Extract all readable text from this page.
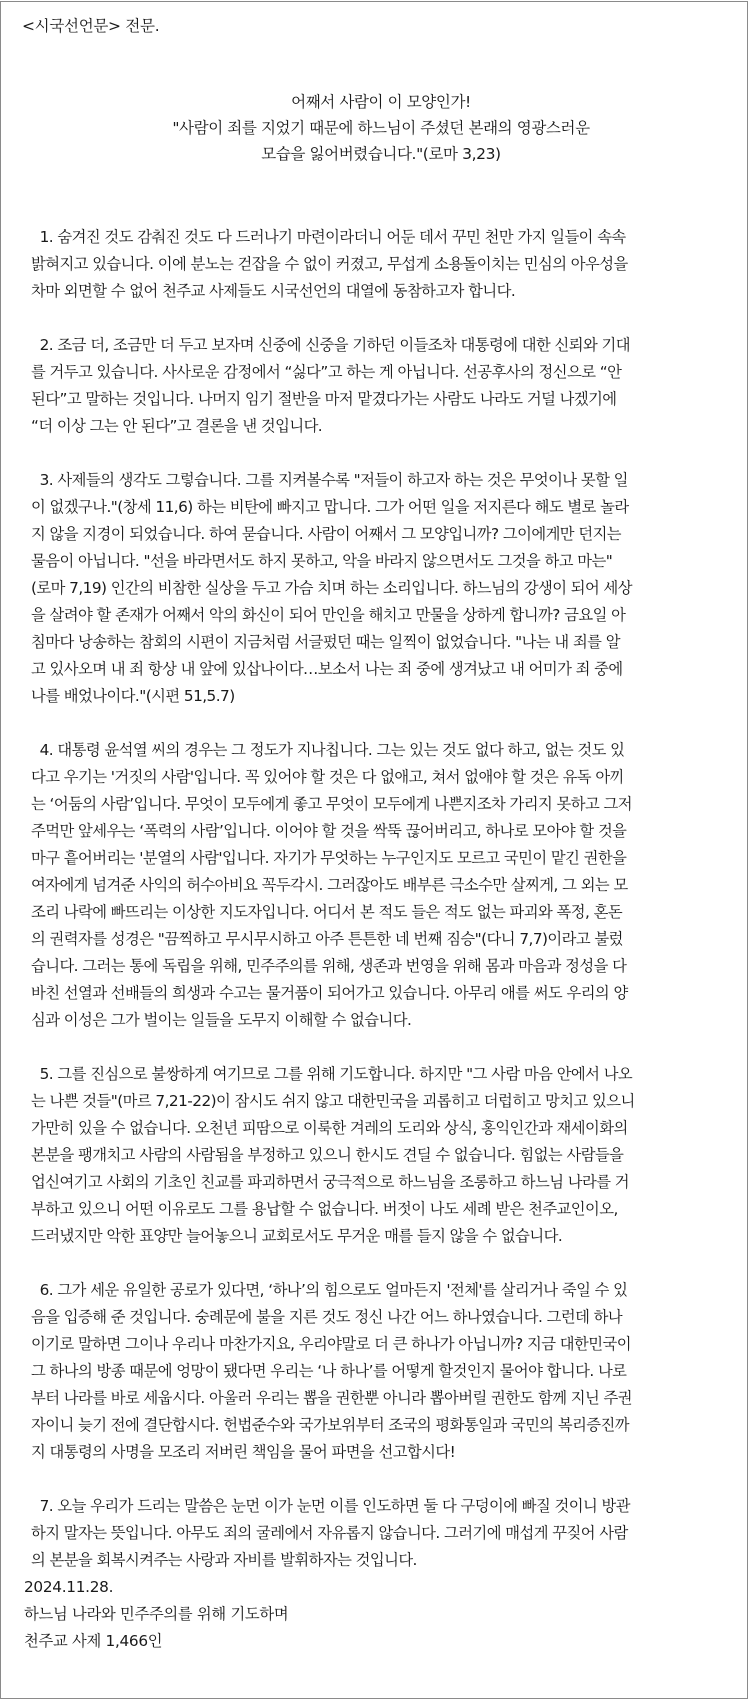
<시국선언문> 전문.
어째서 사람이 이 모양인가!
"사람이 죄를 지었기 때문에 하느님이 주셨던 본래의 영광스러운
모습을 잃어버렸습니다."(로마 3,23)
1. 숨겨진 것도 감춰진 것도 다 드러나기 마련이라더니 어둔 데서 꾸민 천만 가지 일들이 속속
밝혀지고 있습니다. 이에 분노는 걷잡을 수 없이 커졌고, 무섭게 소용돌이치는 민심의 아우성을
차마 외면할 수 없어 천주교 사제들도 시국선언의 대열에 동참하고자 합니다.
2. 조금 더, 조금만 더 두고 보자며 신중에 신중을 기하던 이들조차 대통령에 대한 신뢰와 기대
를 거두고 있습니다. 사사로운 감정에서 “싫다”고 하는 게 아닙니다. 선공후사의 정신으로 “안
된다”고 말하는 것입니다. 나머지 임기 절반을 마저 맡겼다가는 사람도 나라도 거덜 나겠기에
“더 이상 그는 안 된다”고 결론을 낸 것입니다.
3. 사제들의 생각도 그렇습니다. 그를 지켜볼수록 "저들이 하고자 하는 것은 무엇이나 못할 일
이 없겠구나."(창세 11,6) 하는 비탄에 빠지고 맙니다. 그가 어떤 일을 저지른다 해도 별로 놀라
지 않을 지경이 되었습니다. 하여 묻습니다. 사람이 어째서 그 모양입니까? 그이에게만 던지는
물음이 아닙니다. "선을 바라면서도 하지 못하고, 악을 바라지 않으면서도 그것을 하고 마는"
(로마 7,19) 인간의 비참한 실상을 두고 가슴 치며 하는 소리입니다. 하느님의 강생이 되어 세상
을 살려야 할 존재가 어째서 악의 화신이 되어 만인을 해치고 만물을 상하게 합니까? 금요일 아
침마다 낭송하는 참회의 시편이 지금처럼 서글펐던 때는 일찍이 없었습니다. "나는 내 죄를 알
고 있사오며 내 죄 항상 내 앞에 있삽나이다…보소서 나는 죄 중에 생겨났고 내 어미가 죄 중에
나를 배었나이다."(시편 51,5.7)
4. 대통령 윤석열 씨의 경우는 그 정도가 지나칩니다. 그는 있는 것도 없다 하고, 없는 것도 있
다고 우기는 '거짓의 사람'입니다. 꼭 있어야 할 것은 다 없애고, 쳐서 없애야 할 것은 유독 아끼
는 ‘어둠의 사람’입니다. 무엇이 모두에게 좋고 무엇이 모두에게 나쁜지조차 가리지 못하고 그저
주먹만 앞세우는 ‘폭력의 사람’입니다. 이어야 할 것을 싹뚝 끊어버리고, 하나로 모아야 할 것을
마구 흩어버리는 '분열의 사람'입니다. 자기가 무엇하는 누구인지도 모르고 국민이 맡긴 권한을
여자에게 넘겨준 사익의 허수아비요 꼭두각시. 그러잖아도 배부른 극소수만 살찌게, 그 외는 모
조리 나락에 빠뜨리는 이상한 지도자입니다. 어디서 본 적도 들은 적도 없는 파괴와 폭정, 혼돈
의 권력자를 성경은 "끔찍하고 무시무시하고 아주 튼튼한 네 번째 짐승"(다니 7,7)이라고 불렀
습니다. 그러는 통에 독립을 위해, 민주주의를 위해, 생존과 번영을 위해 몸과 마음과 정성을 다
바친 선열과 선배들의 희생과 수고는 물거품이 되어가고 있습니다. 아무리 애를 써도 우리의 양
심과 이성은 그가 벌이는 일들을 도무지 이해할 수 없습니다.
5. 그를 진심으로 불쌍하게 여기므로 그를 위해 기도합니다. 하지만 "그 사람 마음 안에서 나오
는 나쁜 것들"(마르 7,21-22)이 잠시도 쉬지 않고 대한민국을 괴롭히고 더럽히고 망치고 있으니
가만히 있을 수 없습니다. 오천년 피땀으로 이룩한 겨레의 도리와 상식, 홍익인간과 재세이화의
본분을 팽개치고 사람의 사람됨을 부정하고 있으니 한시도 견딜 수 없습니다. 힘없는 사람들을
업신여기고 사회의 기초인 친교를 파괴하면서 궁극적으로 하느님을 조롱하고 하느님 나라를 거
부하고 있으니 어떤 이유로도 그를 용납할 수 없습니다. 버젓이 나도 세례 받은 천주교인이오,
드러냈지만 악한 표양만 늘어놓으니 교회로서도 무거운 매를 들지 않을 수 없습니다.
6. 그가 세운 유일한 공로가 있다면, ‘하나’의 힘으로도 얼마든지 '전체'를 살리거나 죽일 수 있
음을 입증해 준 것입니다. 숭례문에 불을 지른 것도 정신 나간 어느 하나였습니다. 그런데 하나
이기로 말하면 그이나 우리나 마찬가지요, 우리야말로 더 큰 하나가 아닙니까? 지금 대한민국이
그 하나의 방종 때문에 엉망이 됐다면 우리는 ‘나 하나’를 어떻게 할것인지 물어야 합니다. 나로
부터 나라를 바로 세웁시다. 아울러 우리는 뽑을 권한뿐 아니라 뽑아버릴 권한도 함께 지닌 주권
자이니 늦기 전에 결단합시다. 헌법준수와 국가보위부터 조국의 평화통일과 국민의 복리증진까
지 대통령의 사명을 모조리 저버린 책임을 물어 파면을 선고합시다!
7. 오늘 우리가 드리는 말씀은 눈먼 이가 눈먼 이를 인도하면 둘 다 구덩이에 빠질 것이니 방관
하지 말자는 뜻입니다. 아무도 죄의 굴레에서 자유롭지 않습니다. 그러기에 매섭게 꾸짖어 사람
의 본분을 회복시켜주는 사랑과 자비를 발휘하자는 것입니다.
2024.11.28.
하느님 나라와 민주주의를 위해 기도하며
천주교 사제 1,466인
